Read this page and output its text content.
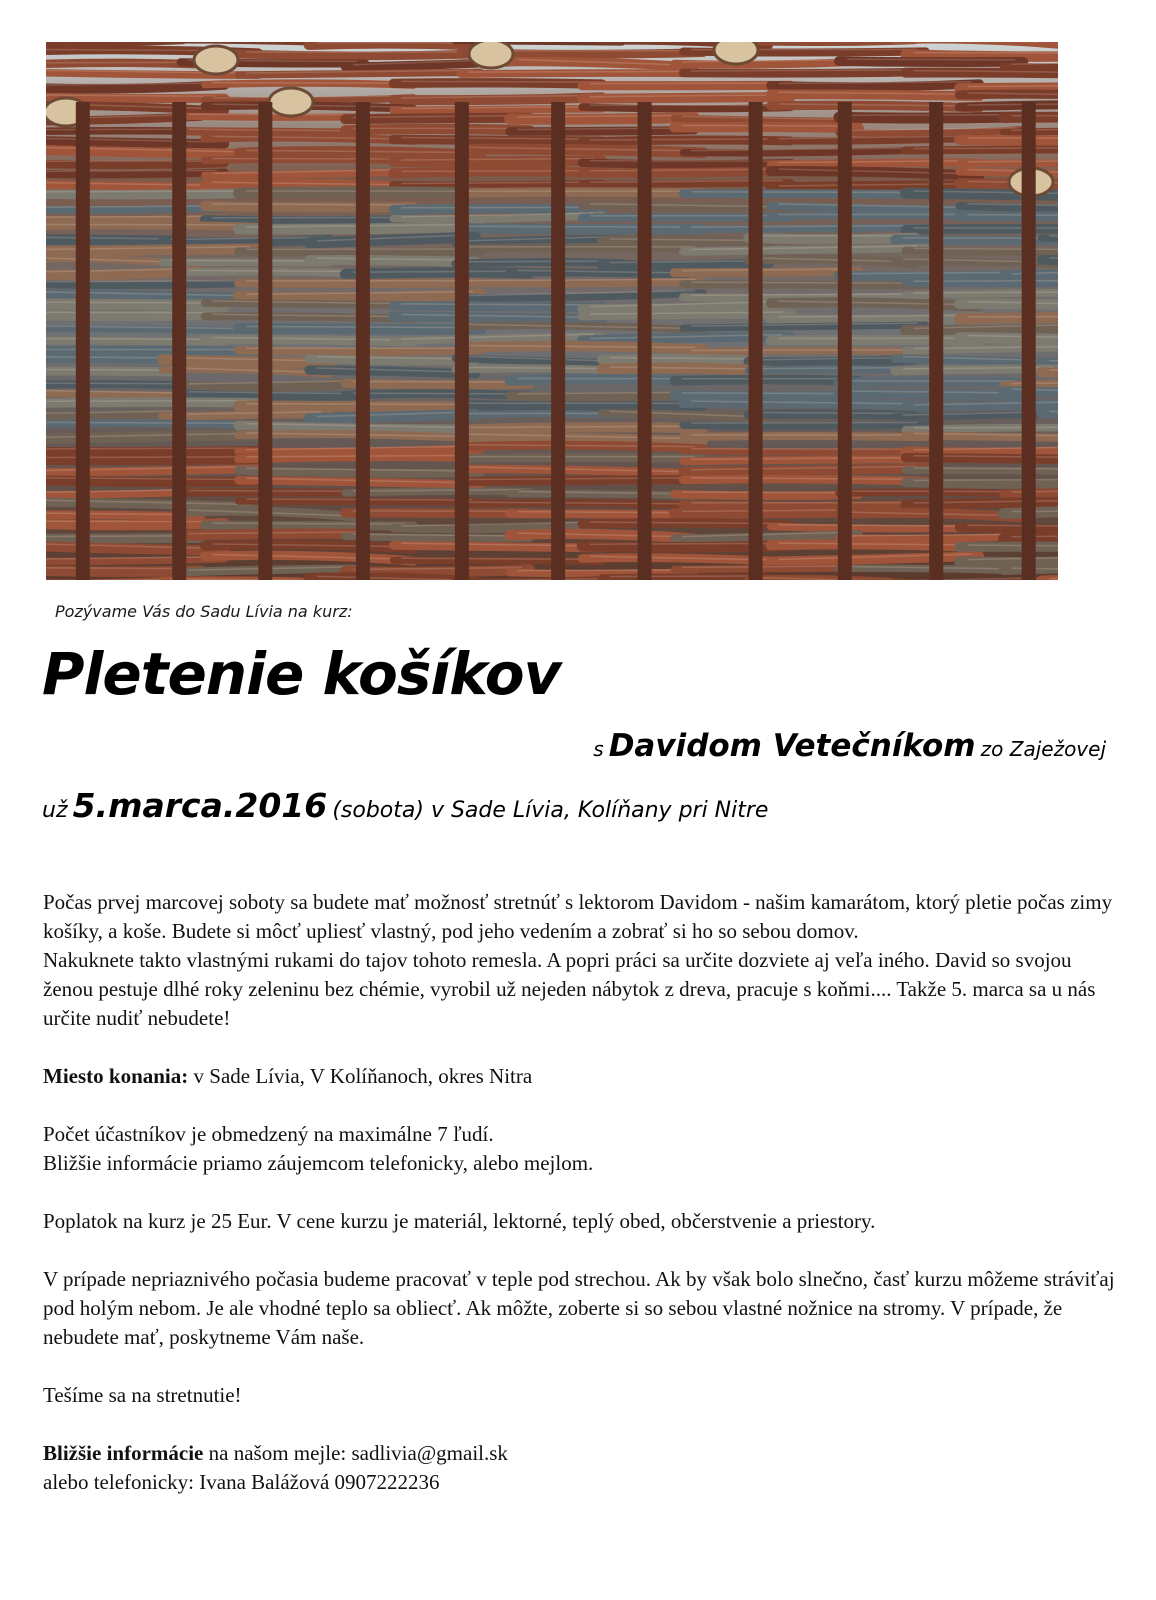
Pozývame Vás do Sadu Lívia na kurz:
Pletenie košíkov
s Davidom Vetečníkom zo Zaježovej
už 5.marca.2016 (sobota) v Sade Lívia, Kolíňany pri Nitre

Počas prvej marcovej soboty sa budete mať možnosť stretnúť s lektorom Davidom - našim kamarátom, ktorý pletie počas zimy košíky, a koše. Budete si môcť upliesť vlastný, pod jeho vedením a zobrať si ho so sebou domov.
Nakuknete takto vlastnými rukami do tajov tohoto remesla. A popri práci sa určite dozviete aj veľa iného. David so svojou ženou pestuje dlhé roky zeleninu bez chémie, vyrobil už nejeden nábytok z dreva, pracuje s koňmi.... Takže 5. marca sa u nás určite nudiť nebudete!

Miesto konania: v Sade Lívia, V Kolíňanoch, okres Nitra

Počet účastníkov je obmedzený na maximálne 7 ľudí.
Bližšie informácie priamo záujemcom telefonicky, alebo mejlom.

Poplatok na kurz je 25 Eur. V cene kurzu je materiál, lektorné, teplý obed, občerstvenie a priestory.

V prípade nepriaznivého počasia budeme pracovať v teple pod strechou. Ak by však bolo slnečno, časť kurzu môžeme stráviťaj pod holým nebom. Je ale vhodné teplo sa obliecť. Ak môžte, zoberte si so sebou vlastné nožnice na stromy. V prípade, že nebudete mať, poskytneme Vám naše.

Tešíme sa na stretnutie!

Bližšie informácie na našom mejle: sadlivia@gmail.sk
alebo telefonicky: Ivana Balážová 0907222236
